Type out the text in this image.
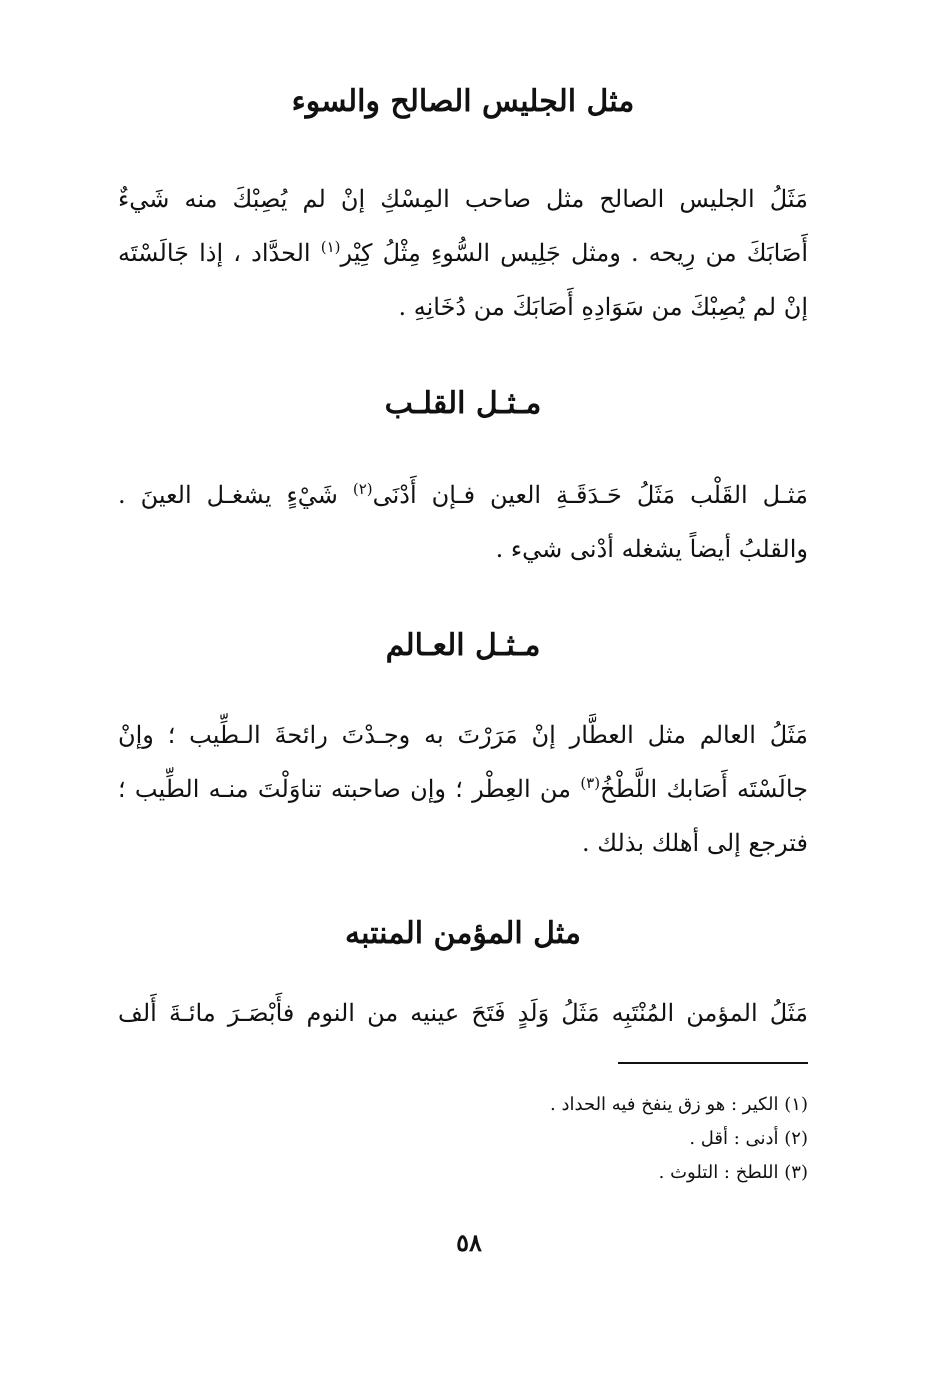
مثل الجليس الصالح والسوء

مَثَلُ الجليس الصالح مثل صاحب المِسْكِ إنْ لم يُصِبْكَ منه شَيءٌ
أَصَابَكَ من رِيحه . ومثل جَلِيس السُّوءِ مِثْلُ كِيْر$^{(١)}$ الحدَّاد ، إذا جَالَسْتَه
إنْ لم يُصِبْكَ من سَوَادِهِ أَصَابَكَ من دُخَانِهِ .

مـثـل القلـب

مَثـل القَلْب مَثَلُ حَـدَقَـةِ العين فـإن أَدْنَى$^{(٢)}$ شَيْءٍ يشغـل العينَ .
والقلبُ أيضاً يشغله أدْنى شيء .

مـثـل العـالم

مَثَلُ العالم مثل العطَّار إنْ مَرَرْتَ به وجـدْتَ رائحةَ الـطِّيب ؛ وإنْ
جالَسْتَه أَصَابك اللَّطْخُ$^{(٣)}$ من العِطْر ؛ وإن صاحبته تناوَلْتَ منـه الطِّيب ؛
فترجع إلى أهلك بذلك .

مثل المؤمن المنتبه

مَثَلُ المؤمن المُنْتَبِه مَثَلُ وَلَدٍ فَتَحَ عينيه من النوم فأَبْصَـرَ مائـةَ أَلف

(١) الكير : هو زق ينفخ فيه الحداد .
(٢) أدنى : أقل .
(٣) اللطخ : التلوث .
٥٨
